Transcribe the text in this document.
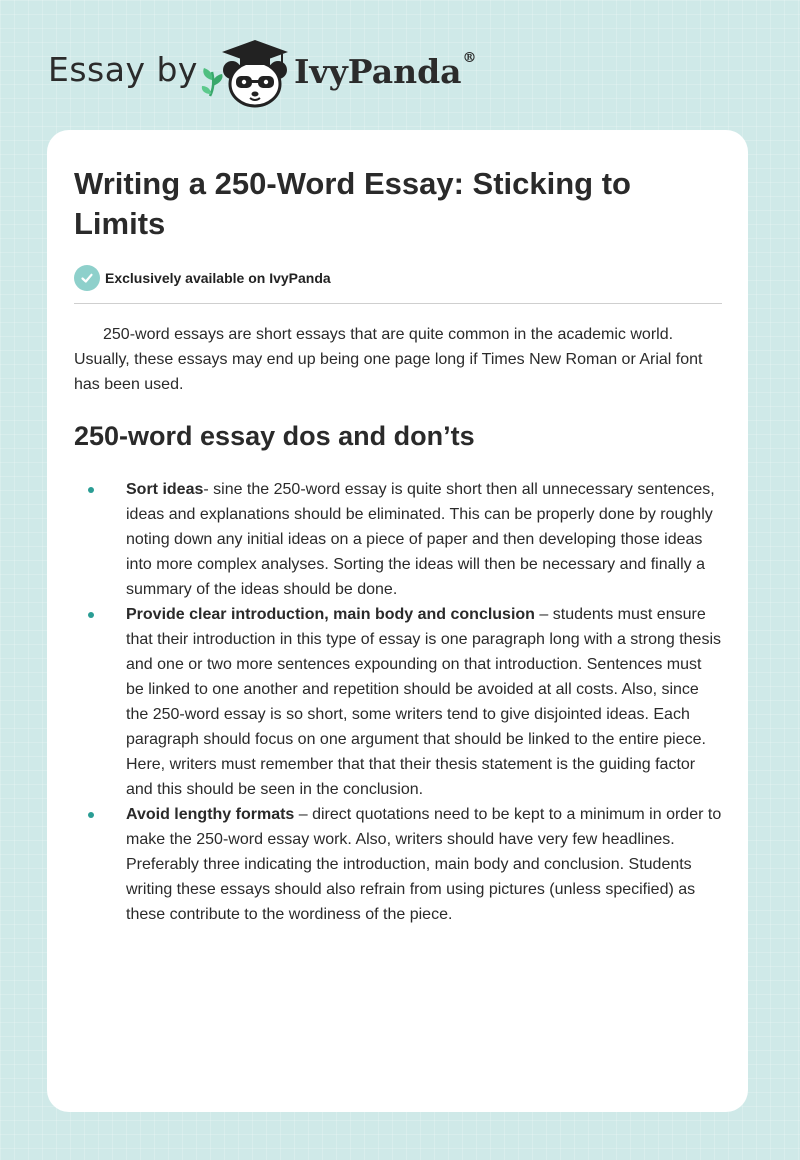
Essay by	IvyPanda®
Writing a 250-Word Essay: Sticking to Limits
Exclusively available on IvyPanda

250-word essays are short essays that are quite common in the academic world. Usually, these essays may end up being one page long if Times New Roman or Arial font has been used.

250-word essay dos and don’ts
Sort ideas- sine the 250-word essay is quite short then all unnecessary sentences, ideas and explanations should be eliminated. This can be properly done by roughly noting down any initial ideas on a piece of paper and then developing those ideas into more complex analyses. Sorting the ideas will then be necessary and finally a summary of the ideas should be done.
Provide clear introduction, main body and conclusion – students must ensure that their introduction in this type of essay is one paragraph long with a strong thesis and one or two more sentences expounding on that introduction. Sentences must be linked to one another and repetition should be avoided at all costs. Also, since the 250-word essay is so short, some writers tend to give disjointed ideas. Each paragraph should focus on one argument that should be linked to the entire piece. Here, writers must remember that that their thesis statement is the guiding factor and this should be seen in the conclusion.
Avoid lengthy formats – direct quotations need to be kept to a minimum in order to make the 250-word essay work. Also, writers should have very few headlines. Preferably three indicating the introduction, main body and conclusion. Students writing these essays should also refrain from using pictures (unless specified) as these contribute to the wordiness of the piece.
